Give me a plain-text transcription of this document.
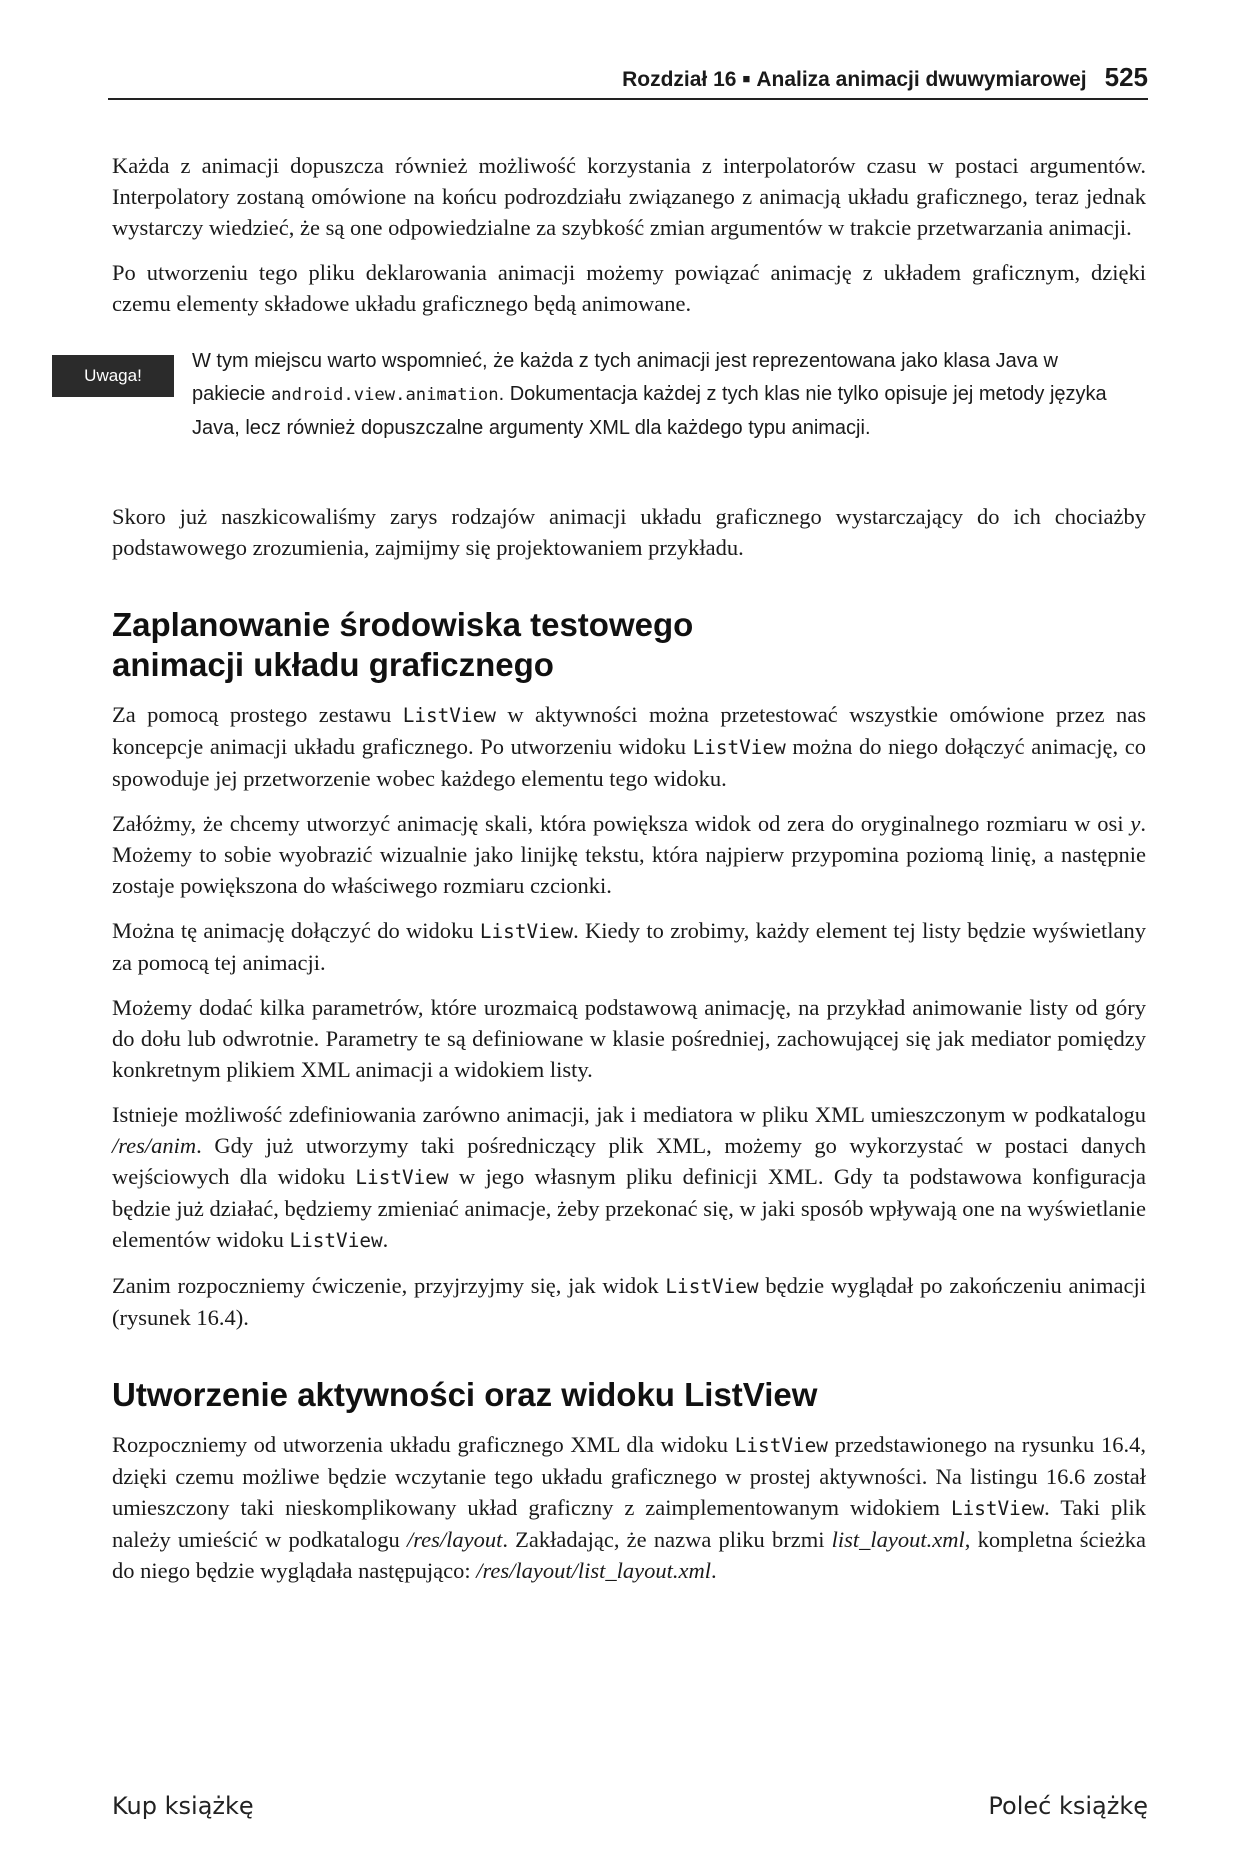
Rozdział 16 ■ Analiza animacji dwuwymiarowej 525

Każda z animacji dopuszcza również możliwość korzystania z interpolatorów czasu w postaci argumentów. Interpolatory zostaną omówione na końcu podrozdziału związanego z animacją układu graficznego, teraz jednak wystarczy wiedzieć, że są one odpowiedzialne za szybkość zmian argumentów w trakcie przetwarzania animacji.

Po utworzeniu tego pliku deklarowania animacji możemy powiązać animację z układem graficznym, dzięki czemu elementy składowe układu graficznego będą animowane.

Uwaga!
W tym miejscu warto wspomnieć, że każda z tych animacji jest reprezentowana jako klasa Java w pakiecie android.view.animation. Dokumentacja każdej z tych klas nie tylko opisuje jej metody języka Java, lecz również dopuszczalne argumenty XML dla każdego typu animacji.

Skoro już naszkicowaliśmy zarys rodzajów animacji układu graficznego wystarczający do ich chociażby podstawowego zrozumienia, zajmijmy się projektowaniem przykładu.

Zaplanowanie środowiska testowego
animacji układu graficznego

Za pomocą prostego zestawu ListView w aktywności można przetestować wszystkie omówione przez nas koncepcje animacji układu graficznego. Po utworzeniu widoku ListView można do niego dołączyć animację, co spowoduje jej przetworzenie wobec każdego elementu tego widoku.

Załóżmy, że chcemy utworzyć animację skali, która powiększa widok od zera do oryginalnego rozmiaru w osi y. Możemy to sobie wyobrazić wizualnie jako linijkę tekstu, która najpierw przypomina poziomą linię, a następnie zostaje powiększona do właściwego rozmiaru czcionki.

Można tę animację dołączyć do widoku ListView. Kiedy to zrobimy, każdy element tej listy będzie wyświetlany za pomocą tej animacji.

Możemy dodać kilka parametrów, które urozmaicą podstawową animację, na przykład animowanie listy od góry do dołu lub odwrotnie. Parametry te są definiowane w klasie pośredniej, zachowującej się jak mediator pomiędzy konkretnym plikiem XML animacji a widokiem listy.

Istnieje możliwość zdefiniowania zarówno animacji, jak i mediatora w pliku XML umieszczonym w podkatalogu /res/anim. Gdy już utworzymy taki pośredniczący plik XML, możemy go wykorzystać w postaci danych wejściowych dla widoku ListView w jego własnym pliku definicji XML. Gdy ta podstawowa konfiguracja będzie już działać, będziemy zmieniać animacje, żeby przekonać się, w jaki sposób wpływają one na wyświetlanie elementów widoku ListView.

Zanim rozpoczniemy ćwiczenie, przyjrzyjmy się, jak widok ListView będzie wyglądał po zakończeniu animacji (rysunek 16.4).

Utworzenie aktywności oraz widoku ListView

Rozpoczniemy od utworzenia układu graficznego XML dla widoku ListView przedstawionego na rysunku 16.4, dzięki czemu możliwe będzie wczytanie tego układu graficznego w prostej aktywności. Na listingu 16.6 został umieszczony taki nieskomplikowany układ graficzny z zaimplementowanym widokiem ListView. Taki plik należy umieścić w podkatalogu /res/layout. Zakładając, że nazwa pliku brzmi list_layout.xml, kompletna ścieżka do niego będzie wyglądała następująco: /res/layout/list_layout.xml.

Kup książkę	Poleć książkę
